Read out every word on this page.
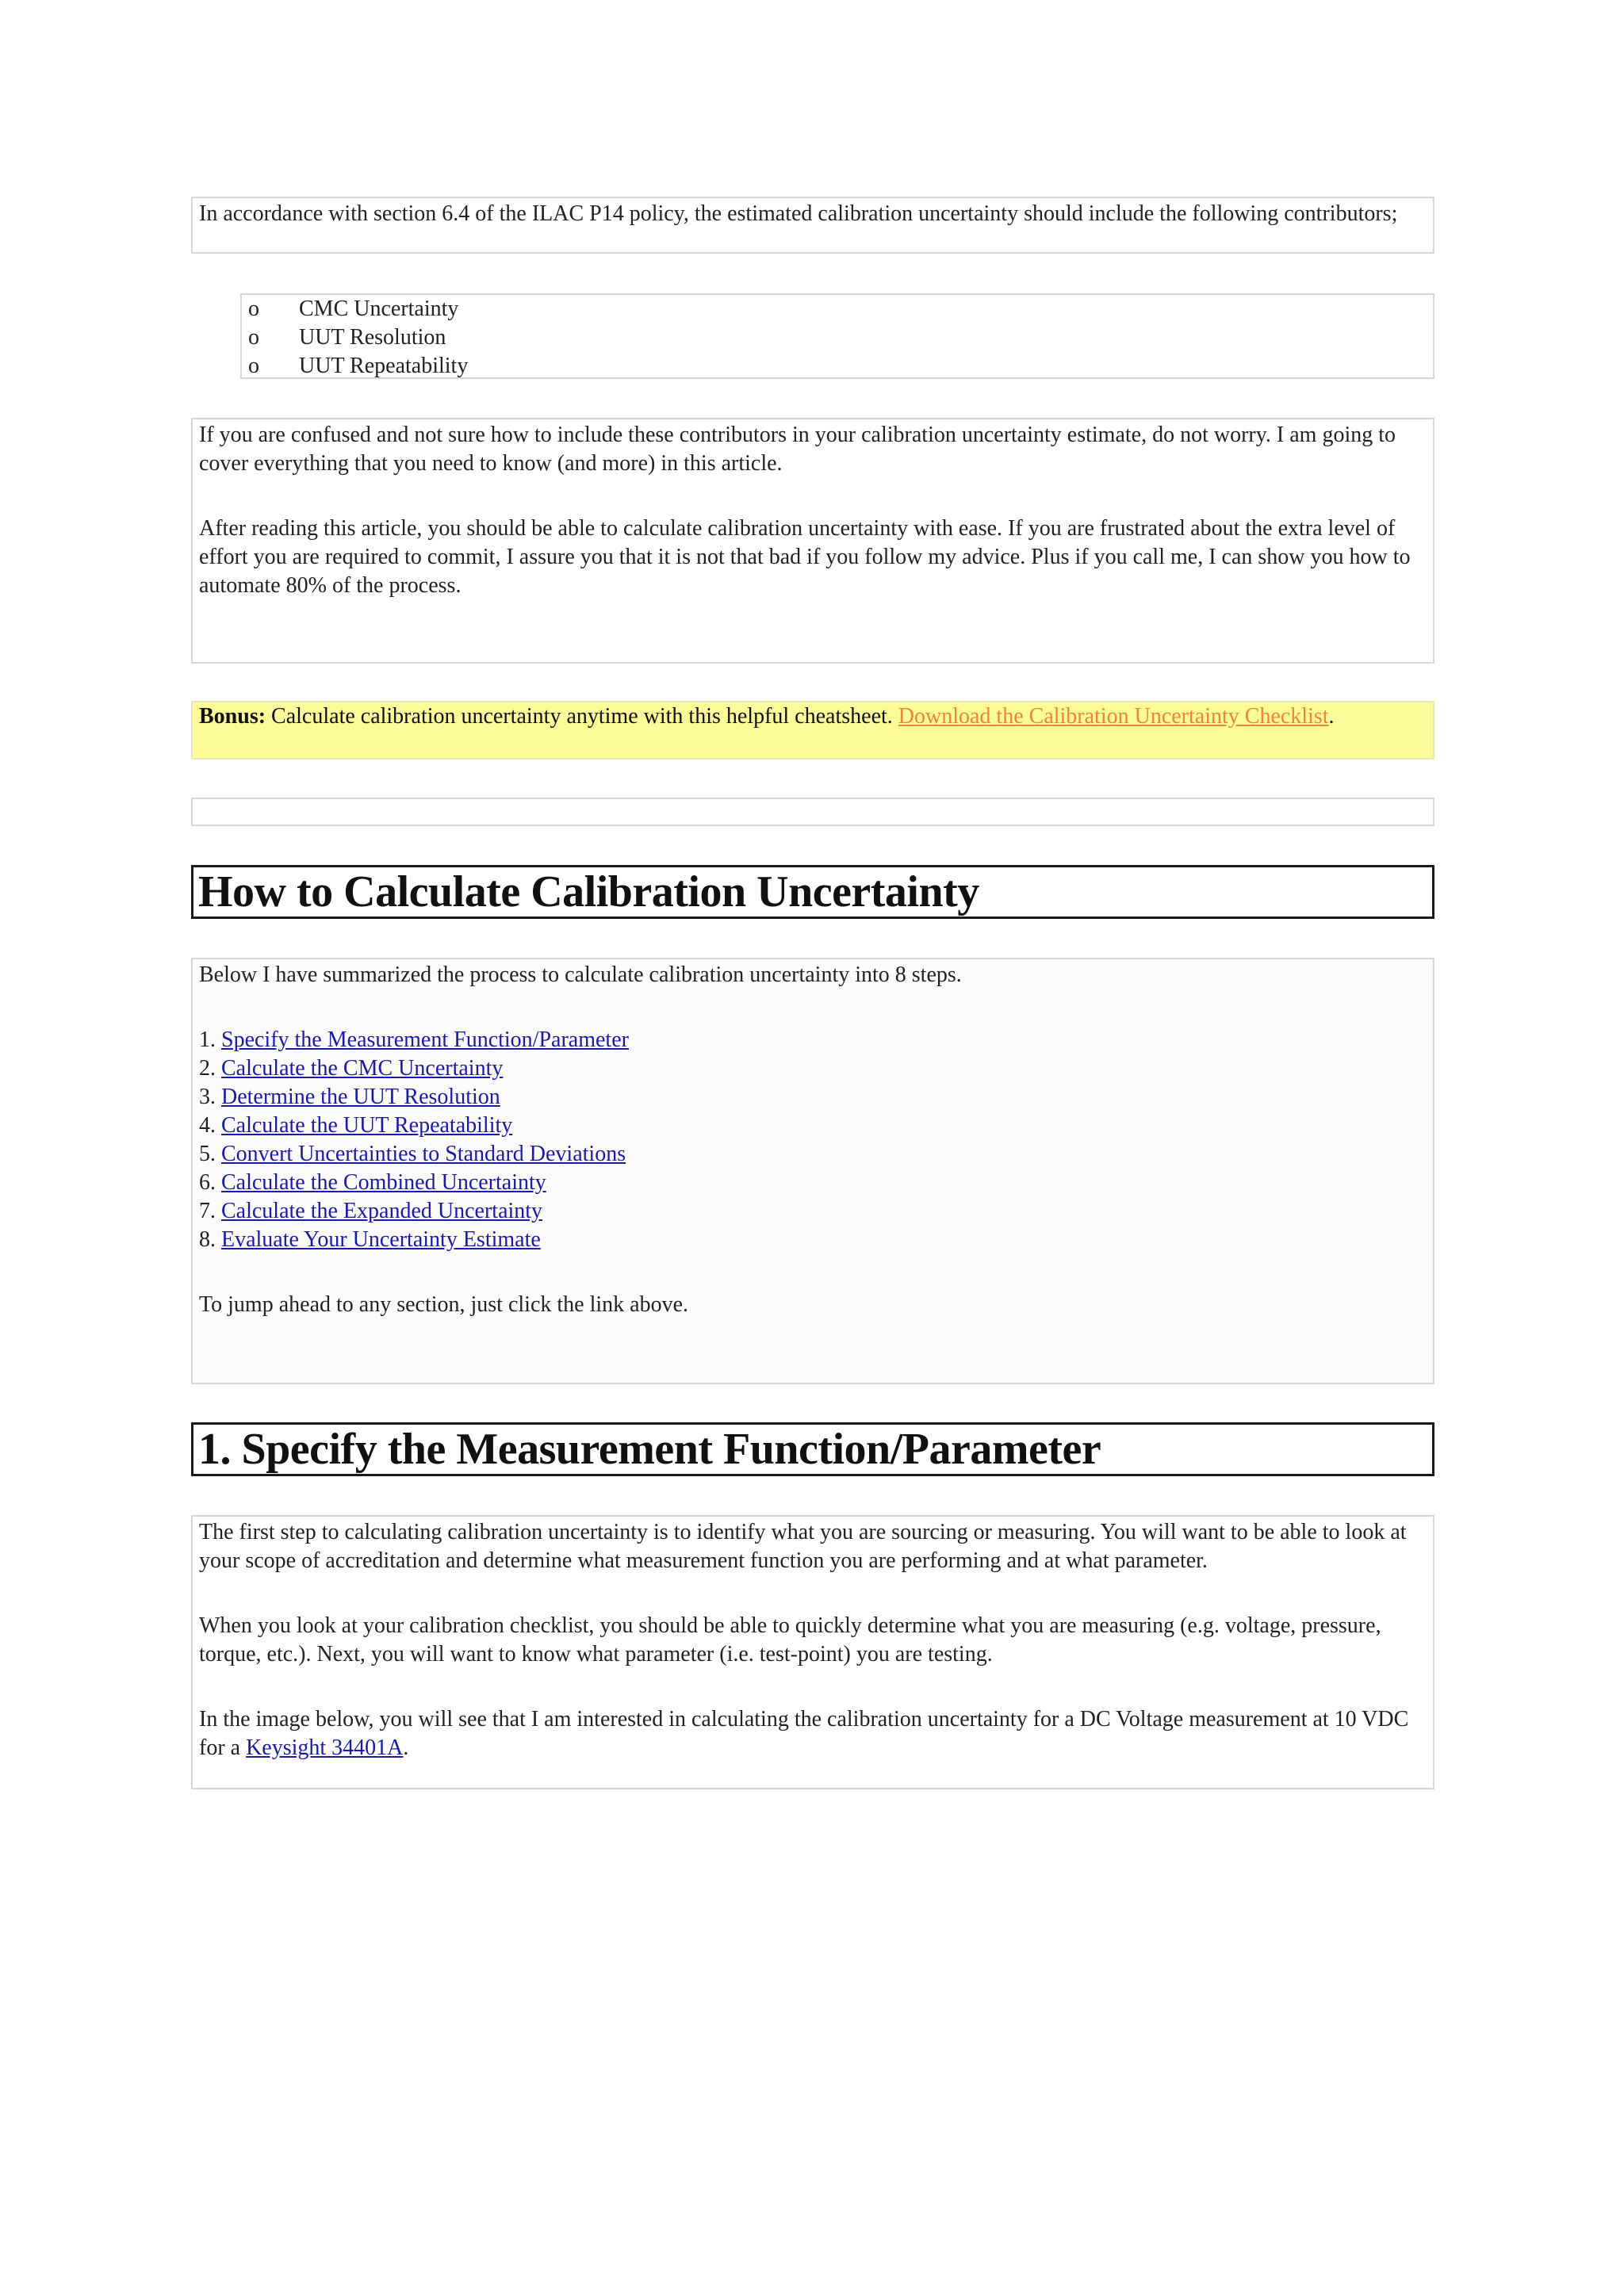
In accordance with section 6.4 of the ILAC P14 policy, the estimated calibration uncertainty should include the following contributors;

o	CMC Uncertainty
o	UUT Resolution
o	UUT Repeatability

If you are confused and not sure how to include these contributors in your calibration uncertainty estimate, do not worry. I am going to cover everything that you need to know (and more) in this article.

After reading this article, you should be able to calculate calibration uncertainty with ease. If you are frustrated about the extra level of effort you are required to commit, I assure you that it is not that bad if you follow my advice. Plus if you call me, I can show you how to automate 80% of the process.

Bonus: Calculate calibration uncertainty anytime with this helpful cheatsheet. Download the Calibration Uncertainty Checklist.

How to Calculate Calibration Uncertainty

Below I have summarized the process to calculate calibration uncertainty into 8 steps.

1. Specify the Measurement Function/Parameter
2. Calculate the CMC Uncertainty
3. Determine the UUT Resolution
4. Calculate the UUT Repeatability
5. Convert Uncertainties to Standard Deviations
6. Calculate the Combined Uncertainty
7. Calculate the Expanded Uncertainty
8. Evaluate Your Uncertainty Estimate

To jump ahead to any section, just click the link above.

1. Specify the Measurement Function/Parameter

The first step to calculating calibration uncertainty is to identify what you are sourcing or measuring. You will want to be able to look at your scope of accreditation and determine what measurement function you are performing and at what parameter.

When you look at your calibration checklist, you should be able to quickly determine what you are measuring (e.g. voltage, pressure, torque, etc.). Next, you will want to know what parameter (i.e. test-point) you are testing.

In the image below, you will see that I am interested in calculating the calibration uncertainty for a DC Voltage measurement at 10 VDC for a Keysight 34401A.
